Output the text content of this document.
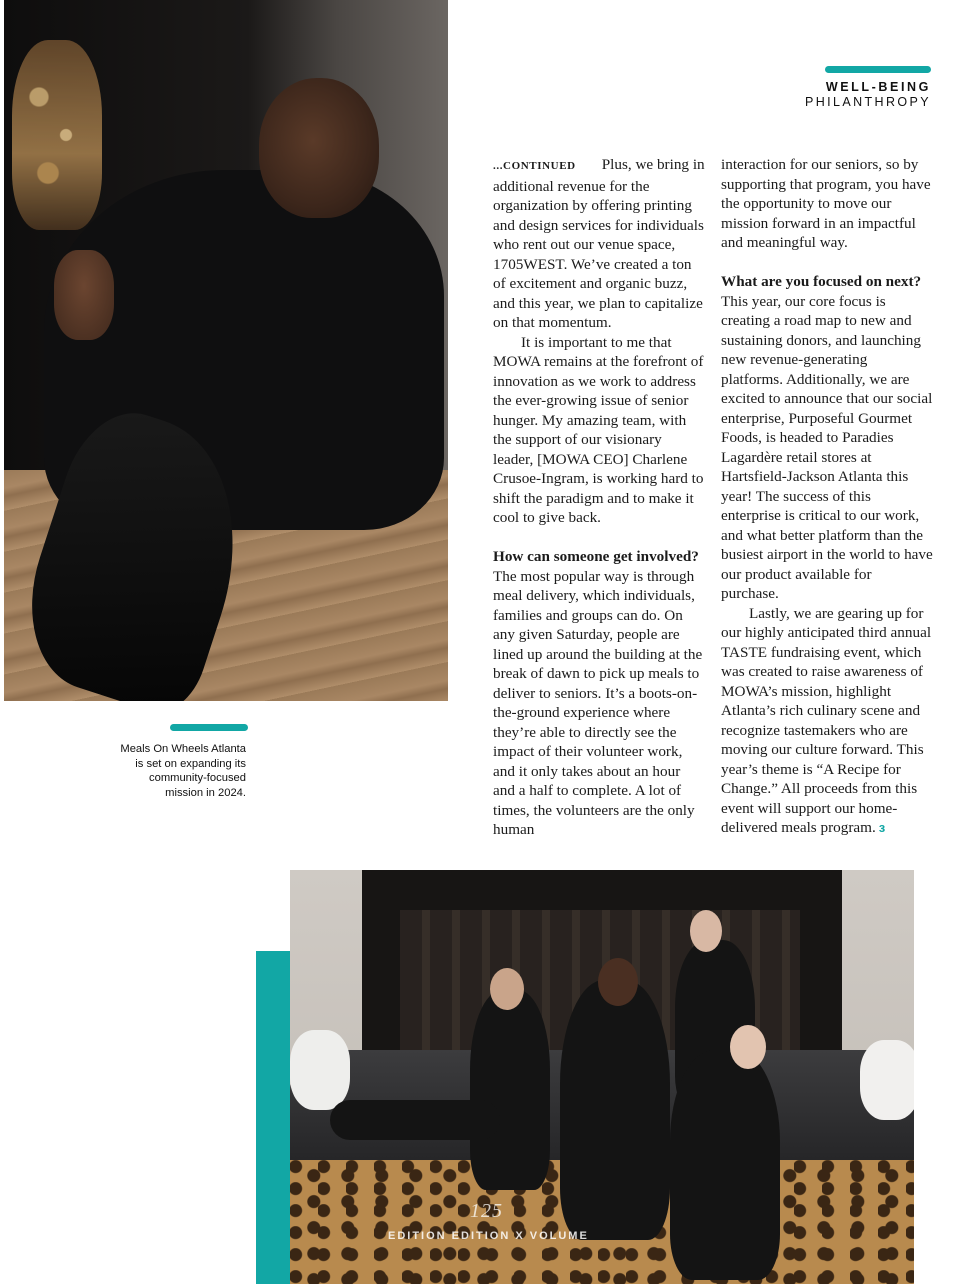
WELL-BEING
PHILANTHROPY

...CONTINUED Plus, we bring in additional revenue for the organization by offering printing and design services for individuals who rent out our venue space, 1705WEST. We’ve created a ton of excitement and organic buzz, and this year, we plan to capitalize on that momentum.

It is important to me that MOWA remains at the forefront of innovation as we work to address the ever-growing issue of senior hunger. My amazing team, with the support of our visionary leader, [MOWA CEO] Charlene Crusoe-Ingram, is working hard to shift the paradigm and to make it cool to give back.

How can someone get involved?

The most popular way is through meal delivery, which individuals, families and groups can do. On any given Saturday, people are lined up around the building at the break of dawn to pick up meals to deliver to seniors. It’s a boots-on-the-ground experience where they’re able to directly see the impact of their volunteer work, and it only takes about an hour and a half to complete. A lot of times, the volunteers are the only human

interaction for our seniors, so by supporting that program, you have the opportunity to move our mission forward in an impactful and meaningful way.

What are you focused on next?

This year, our core focus is creating a road map to new and sustaining donors, and launching new revenue-generating platforms. Additionally, we are excited to announce that our social enterprise, Purposeful Gourmet Foods, is headed to Paradies Lagardère retail stores at Hartsfield-Jackson Atlanta this year! The success of this enterprise is critical to our work, and what better platform than the busiest airport in the world to have our product available for purchase.

Lastly, we are gearing up for our highly anticipated third annual TASTE fundraising event, which was created to raise awareness of MOWA’s mission, highlight Atlanta’s rich culinary scene and recognize tastemakers who are moving our culture forward. This year’s theme is “A Recipe for Change.” All proceeds from this event will support our home-delivered meals program. ɜ

Meals On Wheels Atlanta is set on expanding its community-focused mission in 2024.
125
EDITION EDITION X VOLUME
